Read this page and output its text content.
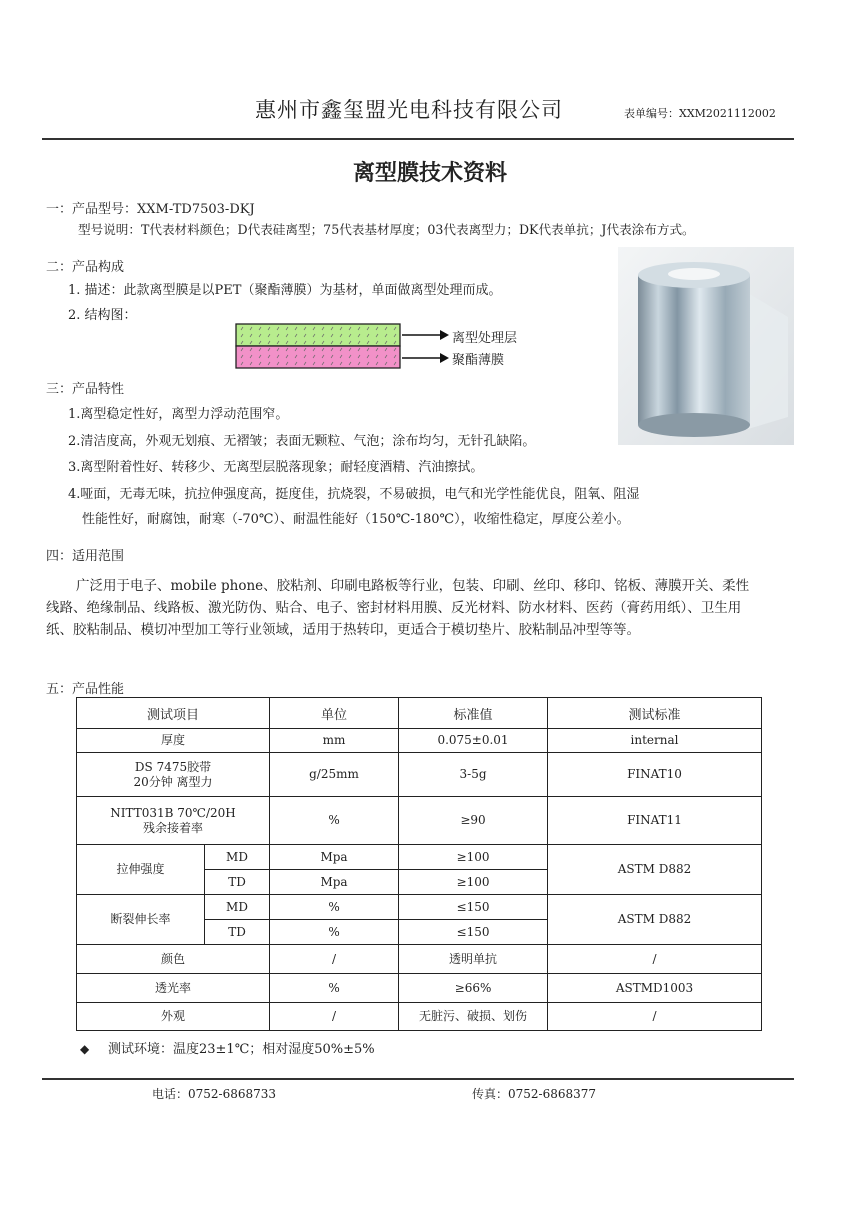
惠州市鑫玺盟光电科技有限公司	表单编号：XXM2021112002
离型膜技术资料
一：产品型号：XXM-TD7503-DKJ
型号说明：T代表材料颜色；D代表硅离型；75代表基材厚度；03代表离型力；DK代表单抗；J代表涂布方式。
二：产品构成
1. 描述：此款离型膜是以PET（聚酯薄膜）为基材，单面做离型处理而成。
2. 结构图：
离型处理层
聚酯薄膜
三：产品特性
1.离型稳定性好，离型力浮动范围窄。
2.清洁度高，外观无划痕、无褶皱；表面无颗粒、气泡；涂布均匀，无针孔缺陷。
3.离型附着性好、转移少、无离型层脱落现象；耐轻度酒精、汽油擦拭。
4.哑面，无毒无味，抗拉伸强度高，挺度佳，抗烧裂，不易破损，电气和光学性能优良，阻氧、阻湿
性能性好，耐腐蚀，耐寒（-70℃）、耐温性能好（150℃-180℃），收缩性稳定，厚度公差小。
四：适用范围
广泛用于电子、mobile phone、胶粘剂、印刷电路板等行业，包装、印刷、丝印、移印、铭板、薄膜开关、柔性线路、绝缘制品、线路板、激光防伪、贴合、电子、密封材料用膜、反光材料、防水材料、医药（膏药用纸）、卫生用纸、胶粘制品、模切冲型加工等行业领域，适用于热转印，更适合于模切垫片、胶粘制品冲型等等。
五：产品性能
测试项目		单位	标准值	测试标准
厚度		mm	0.075±0.01	internal

DS 7475胶带
20分钟 离型力		g/25mm	3-5g	FINAT10

NITT031B 70℃/20H
残余接着率		%	≥90	FINAT11
拉伸强度	MD	Mpa	≥100	ASTM D882
	TD	Mpa	≥100	
断裂伸长率	MD	%	≤150	ASTM D882
	TD	%	≤150	
颜色		/	透明单抗	/
透光率		%	≥66%	ASTMD1003
外观		/	无脏污、破损、划伤	/
◆ 测试环境：温度23±1℃；相对湿度50%±5%
电话：0752-6868733	传真：0752-6868377
